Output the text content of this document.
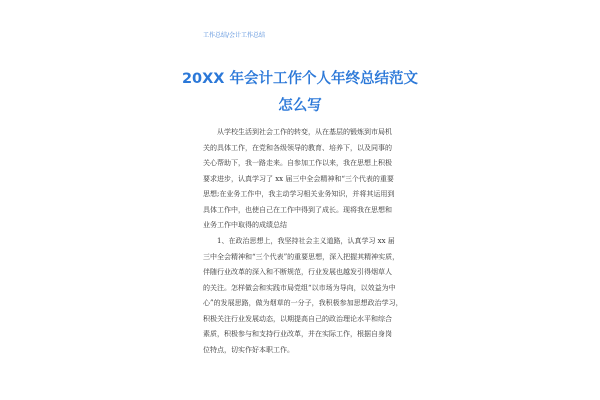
工作总结/会计工作总结
20XX 年会计工作个人年终总结范文
怎么写
从学校生活到社会工作的转变，从在基层的锻炼到市局机
关的具体工作，在党和各级领导的教育、培养下，以及同事的
关心帮助下，我一路走来。自参加工作以来，我在思想上积极
要求进步，认真学习了 xx 届三中全会精神和“三个代表的重要
思想;在业务工作中，我主动学习相关业务知识，并将其运用到
具体工作中，也使自己在工作中得到了成长。现将我在思想和
业务工作中取得的成绩总结
1、在政治思想上，我坚持社会主义道路，认真学习 xx 届
三中全会精神和“三个代表”的重要思想，深入把握其精神实质，
伴随行业改革的深入和不断规范，行业发展也越发引得烟草人
的关注。怎样做会和实践市局党组“以市场为导向，以效益为中
心”的发展思路，做为烟草的一分子，我积极参加思想政治学习，
积极关注行业发展动态，以期提高自己的政治理论水平和综合
素质，积极参与和支持行业改革，并在实际工作，根据自身岗
位特点，切实作好本职工作。
